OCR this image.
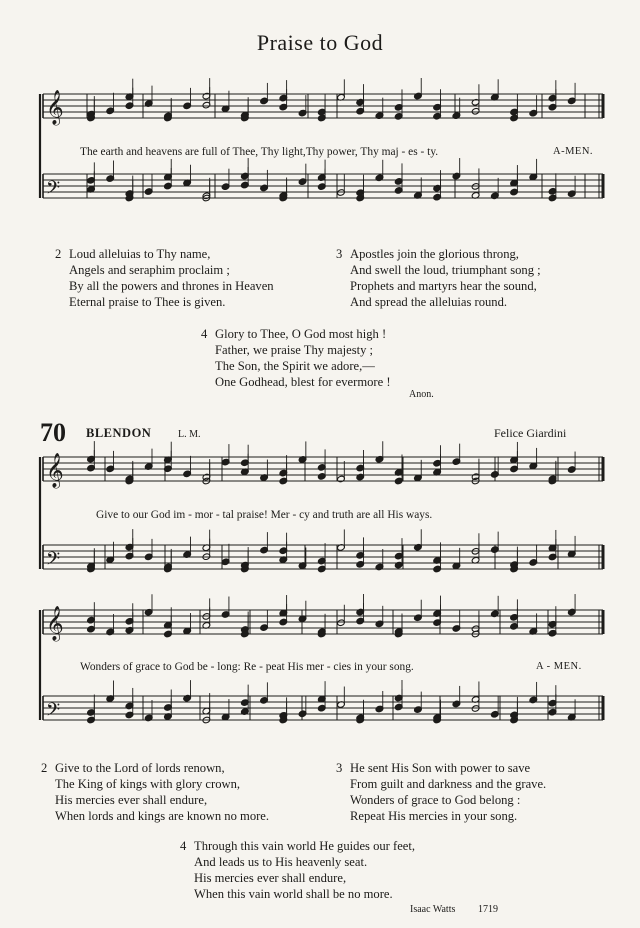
𝄞
𝄢
𝄞
𝄢
𝄞
𝄢
Praise to God
The earth and heavens are full of Thee, Thy light,Thy power, Thy maj - es - ty.	A-MEN.
2 Loud alleluias to Thy name,
Angels and seraphim proclaim ;
By all the powers and thrones in Heaven
Eternal praise to Thee is given.
3 Apostles join the glorious throng,
And swell the loud, triumphant song ;
Prophets and martyrs hear the sound,
And spread the alleluias round.
4 Glory to Thee, O God most high !
Father, we praise Thy majesty ;
The Son, the Spirit we adore,—
One Godhead, blest for evermore !
Anon.
70 BLENDON	L. M.	Felice Giardini
Give to our God im - mor - tal praise! Mer - cy and truth are all His ways.
Wonders of grace to God be - long: Re - peat His mer - cies in your song.	A - MEN.
2 Give to the Lord of lords renown,
The King of kings with glory crown,
His mercies ever shall endure,
When lords and kings are known no more.
3 He sent His Son with power to save
From guilt and darkness and the grave.
Wonders of grace to God belong :
Repeat His mercies in your song.
4 Through this vain world He guides our feet,
And leads us to His heavenly seat.
His mercies ever shall endure,
When this vain world shall be no more.
Isaac Watts 1719
